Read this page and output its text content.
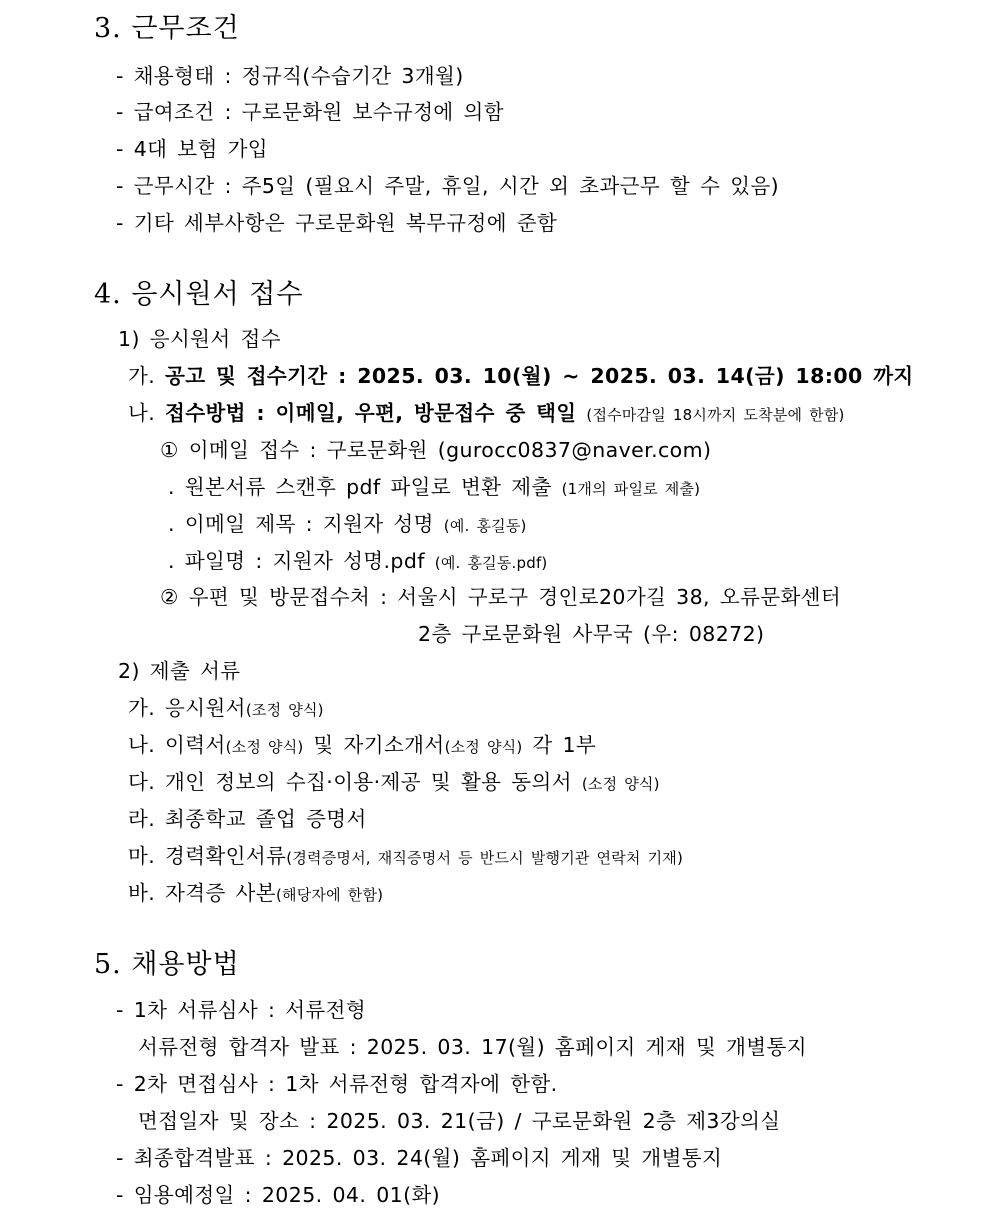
3. 근무조건
- 채용형태 : 정규직(수습기간 3개월)
- 급여조건 : 구로문화원 보수규정에 의함
- 4대 보험 가입
- 근무시간 : 주5일 (필요시 주말, 휴일, 시간 외 초과근무 할 수 있음)
- 기타 세부사항은 구로문화원 복무규정에 준함
4. 응시원서 접수
1) 응시원서 접수
가. 공고 및 접수기간 : 2025. 03. 10(월) ~ 2025. 03. 14(금) 18:00 까지
나. 접수방법 : 이메일, 우편, 방문접수 중 택일 (접수마감일 18시까지 도착분에 한함)
① 이메일 접수 : 구로문화원 (gurocc0837@naver.com)
. 원본서류 스캔후 pdf 파일로 변환 제출 (1개의 파일로 제출)
. 이메일 제목 : 지원자 성명 (예. 홍길동)
. 파일명 : 지원자 성명.pdf (예. 홍길동.pdf)
② 우편 및 방문접수처 : 서울시 구로구 경인로20가길 38, 오류문화센터
2층 구로문화원 사무국 (우: 08272)
2) 제출 서류
가. 응시원서(조정 양식)
나. 이력서(소정 양식) 및 자기소개서(소정 양식) 각 1부
다. 개인 정보의 수집·이용·제공 및 활용 동의서 (소정 양식)
라. 최종학교 졸업 증명서
마. 경력확인서류(경력증명서, 재직증명서 등 반드시 발행기관 연락처 기재)
바. 자격증 사본(해당자에 한함)
5. 채용방법
- 1차 서류심사 : 서류전형
서류전형 합격자 발표 : 2025. 03. 17(월) 홈페이지 게재 및 개별통지
- 2차 면접심사 : 1차 서류전형 합격자에 한함.
면접일자 및 장소 : 2025. 03. 21(금) / 구로문화원 2층 제3강의실
- 최종합격발표 : 2025. 03. 24(월) 홈페이지 게재 및 개별통지
- 임용예정일 : 2025. 04. 01(화)
